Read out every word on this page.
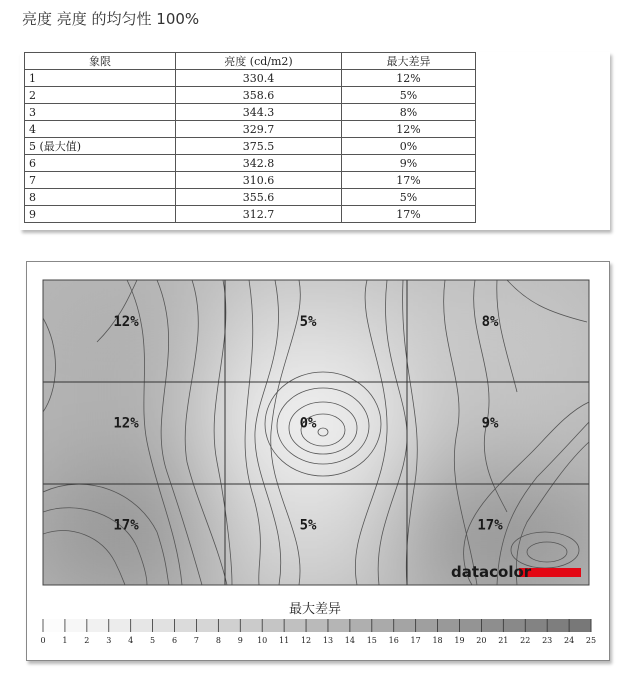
亮度 亮度 的均匀性 100%
象限	亮度 (cd/m2)	最大差异
1	330.4	12%
2	358.6	5%
3	344.3	8%
4	329.7	12%
5 (最大值)	375.5	0%
6	342.8	9%
7	310.6	17%
8	355.6	5%
9	312.7	17%
12%	5%	8%
12%	0%	9%
17%	5%	17%
datacolor
最大差异
0 1 2 3 4 5 6 7 8 9 10 11 12 13 14 15 16 17 18 19 20 21 22 23 24 25
